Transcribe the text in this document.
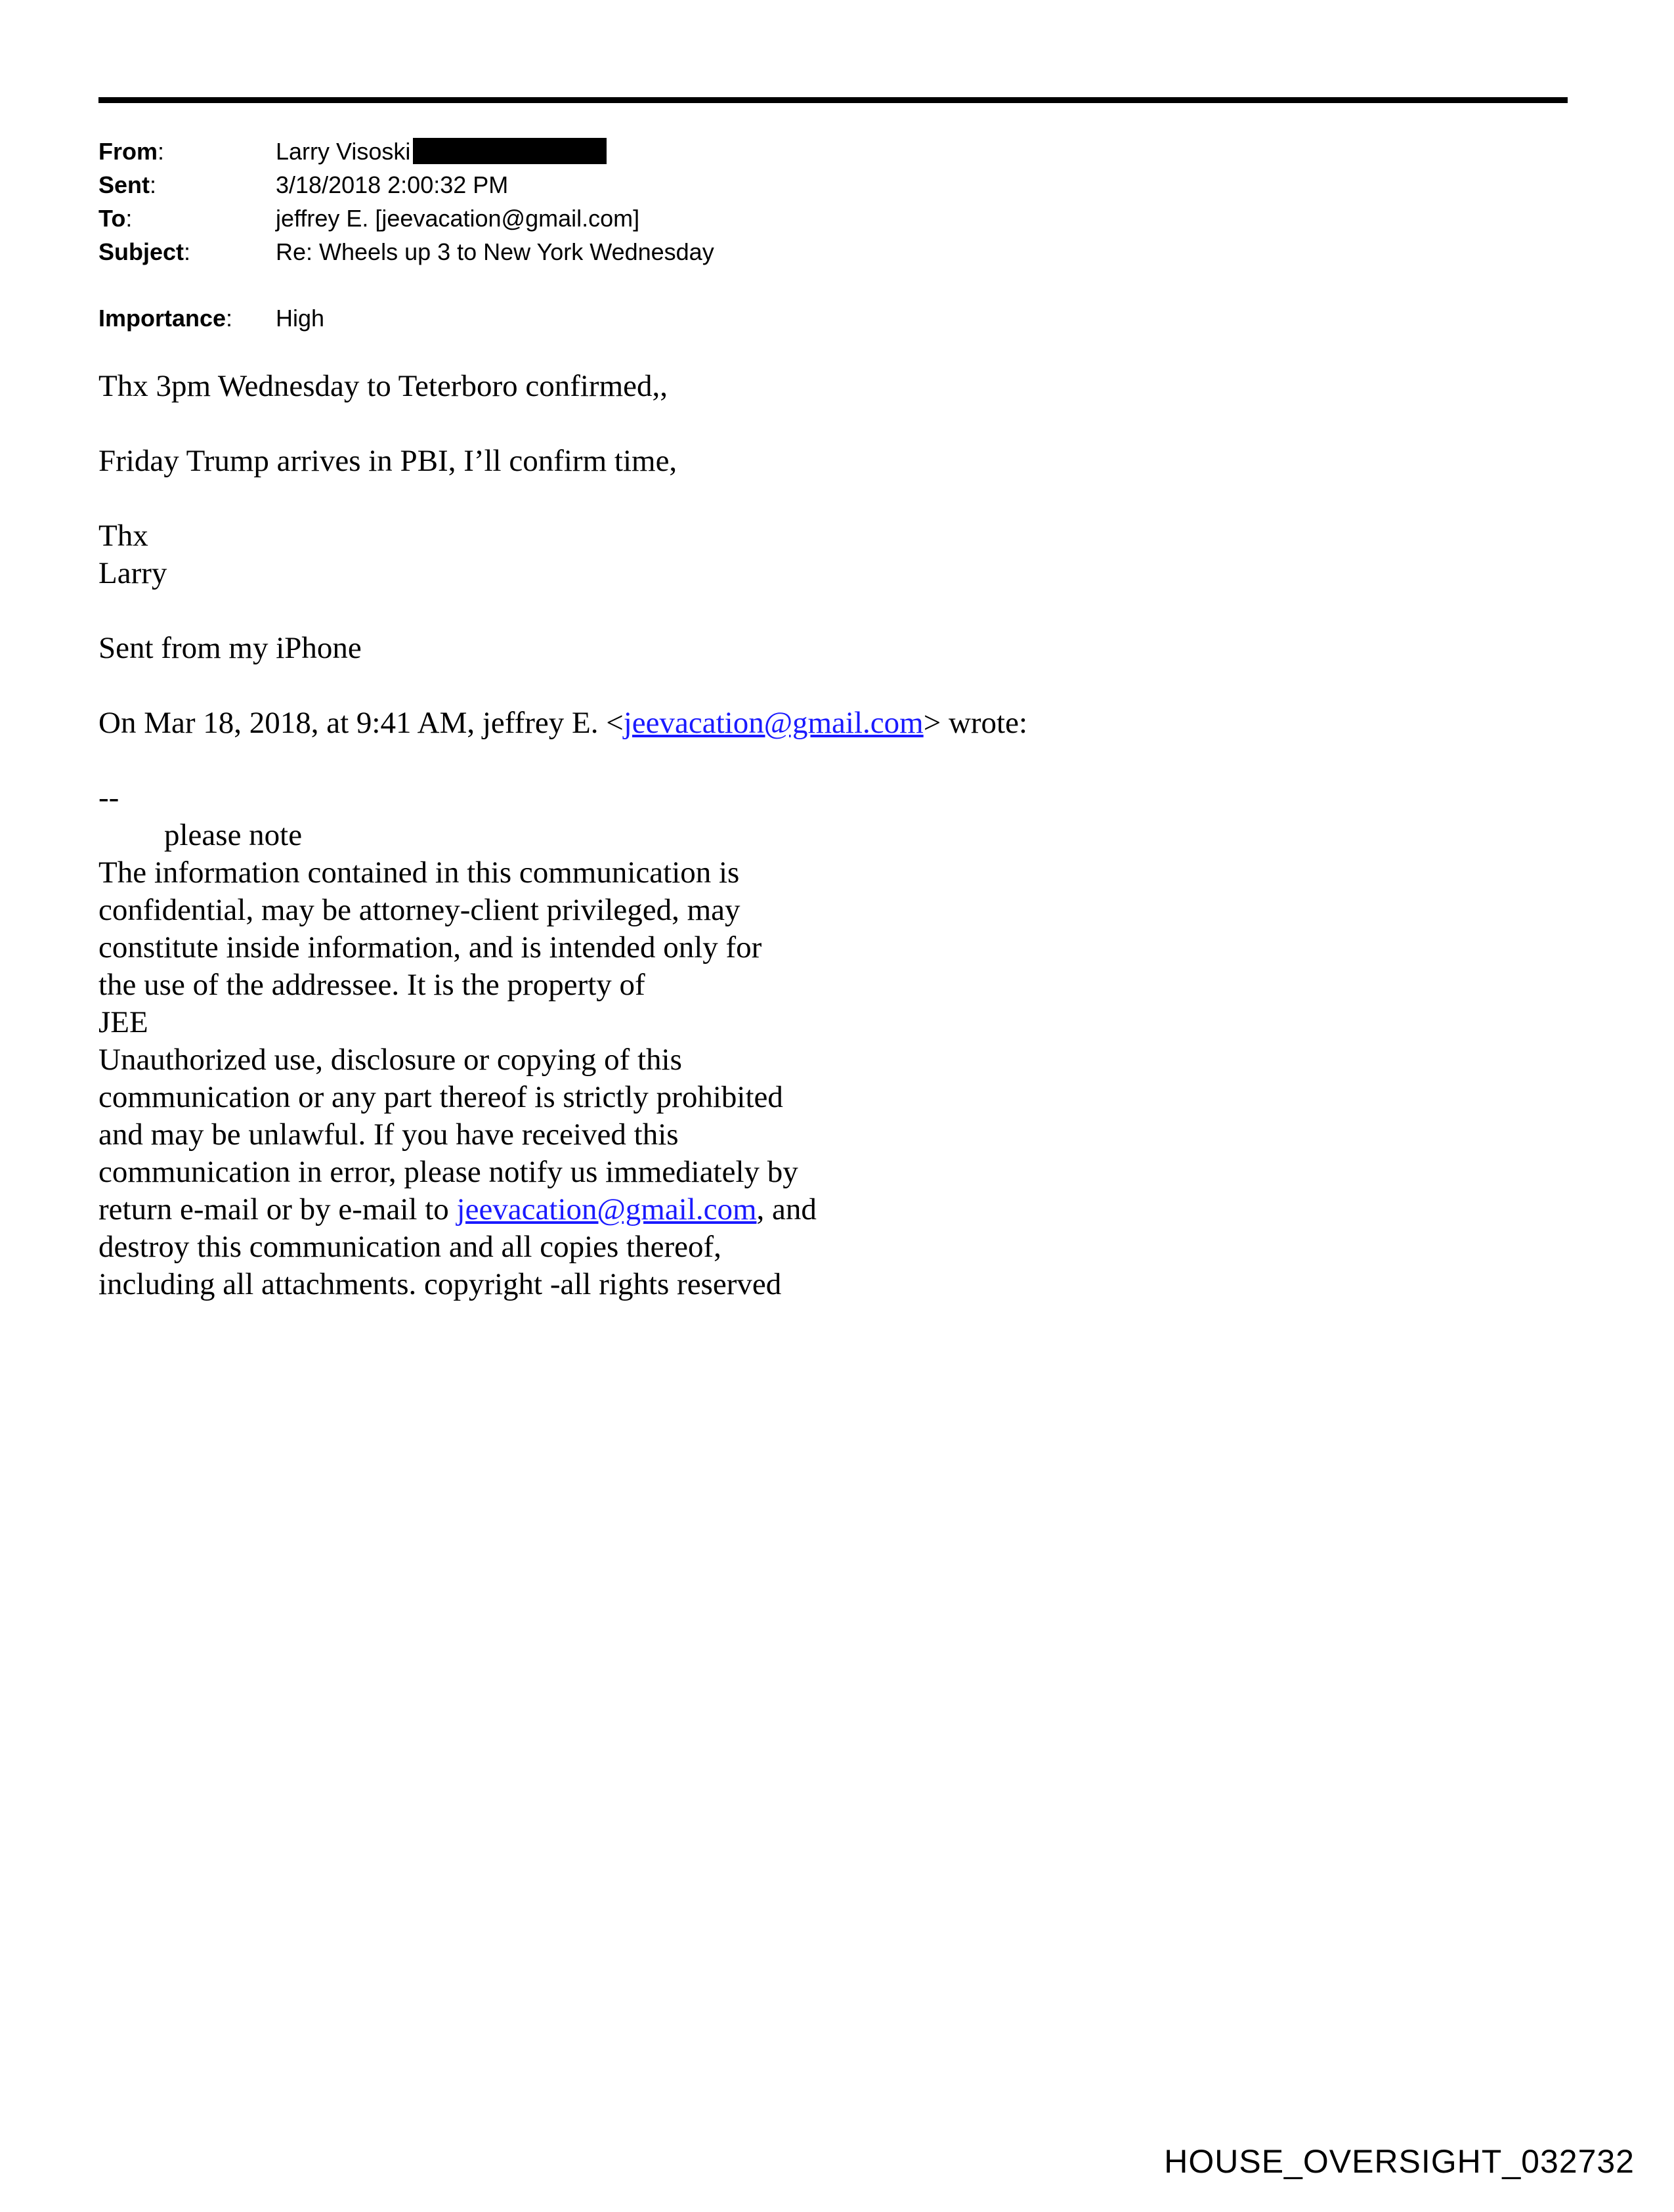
From:	Larry Visoski
Sent:	3/18/2018 2:00:32 PM
To:	jeffrey E. [jeevacation@gmail.com]
Subject:	Re: Wheels up 3 to New York Wednesday
Importance:	High

Thx 3pm Wednesday to Teterboro confirmed,,

Friday Trump arrives in PBI, I’ll confirm time,

Thx

Larry

Sent from my iPhone

On Mar 18, 2018, at 9:41 AM, jeffrey E. <jeevacation@gmail.com> wrote:

--

please note

The information contained in this communication is

confidential, may be attorney-client privileged, may

constitute inside information, and is intended only for

the use of the addressee. It is the property of

JEE

Unauthorized use, disclosure or copying of this

communication or any part thereof is strictly prohibited

and may be unlawful. If you have received this

communication in error, please notify us immediately by

return e-mail or by e-mail to jeevacation@gmail.com, and

destroy this communication and all copies thereof,

including all attachments. copyright -all rights reserved

HOUSE_OVERSIGHT_032732
